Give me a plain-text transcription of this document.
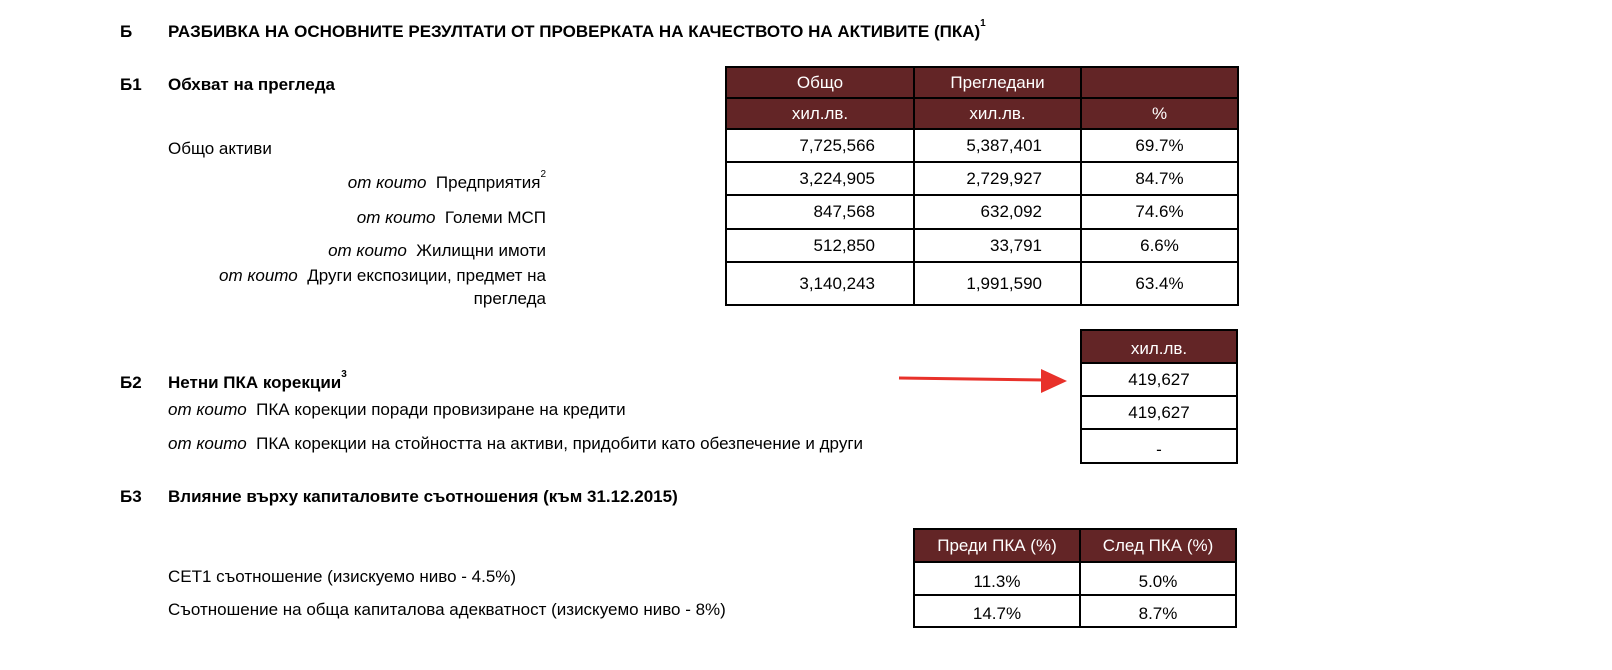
Б РАЗБИВКА НА ОСНОВНИТЕ РЕЗУЛТАТИ ОТ ПРОВЕРКАТА НА КАЧЕСТВОТО НА АКТИВИТЕ (ПКА)$^1$
Б1 Обхват на прегледа
Общо активи
от които Предприятия$^2$
от които Големи МСП
от които Жилищни имоти
от които Други експозиции, предмет на
прегледа
Общо	Прегледани	
хил.лв.	хил.лв.	%
7,725,566	5,387,401	69.7%
3,224,905	2,729,927	84.7%
847,568	632,092	74.6%
512,850	33,791	6.6%
3,140,243	1,991,590	63.4%
Б2 Нетни ПКА корекции$^3$
от които ПКА корекции поради провизиране на кредити
от които ПКА корекции на стойността на активи, придобити като обезпечение и други
хил.лв.
419,627
419,627
-
Б3 Влияние върху капиталовите съотношения (към 31.12.2015)
CET1 съотношение (изискуемо ниво - 4.5%)
Съотношение на обща капиталова адекватност (изискуемо ниво - 8%)
Преди ПКА (%)	След ПКА (%)
11.3%	5.0%
14.7%	8.7%
